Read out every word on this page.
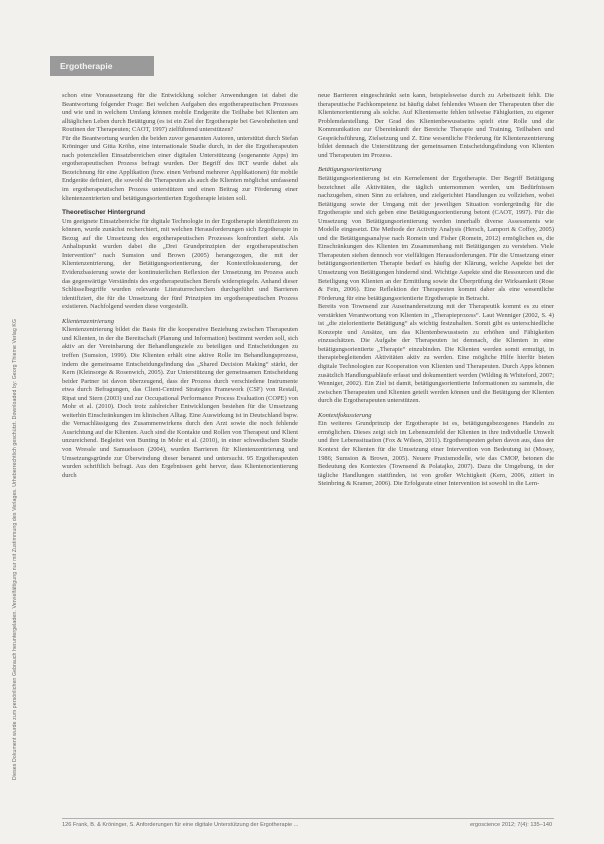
Ergotherapie
Dieses Dokument wurde zum persönlichen Gebrauch heruntergeladen. Vervielfältigung nur mit Zustimmung des Verlages. Urheberrechtlich geschützt. Downloaded by: Georg Thieme Verlag KG

schon eine Voraussetzung für die Entwicklung solcher Anwendungen ist dabei die Beantwortung folgender Frage: Bei welchen Aufgaben des ergotherapeutischen Prozesses und wie und in welchem Umfang können mobile Endgeräte die Teilhabe bei Klienten am alltäglichen Leben durch Betätigung (es ist ein Ziel der Ergotherapie bei Gewohnheiten und Routinen der Therapeuten; CAOT, 1997) zielführend unterstützen?

Für die Beantwortung wurden die beiden zuvor genannten Autoren, unterstützt durch Stefan Kröninger und Gitta Kröhn, eine internationale Studie durch, in der die Ergotherapeuten nach potenziellen Einsatzbereichen einer digitalen Unterstützung (sogenannte Apps) im ergotherapeutischen Prozess befragt wurden. Der Begriff des IKT wurde dabei als Bezeichnung für eine Applikation (bzw. einen Verbund mehrerer Applikationen) für mobile Endgeräte definiert, die sowohl die Therapeuten als auch die Klienten möglichst umfassend im ergotherapeutischen Prozess unterstützen und einen Beitrag zur Förderung einer klientenzentrierten und betätigungsorientierten Ergotherapie leisten soll.

Theoretischer Hintergrund

Um geeignete Einsatzbereiche für digitale Technologie in der Ergotherapie identifizieren zu können, wurde zunächst recherchiert, mit welchen Herausforderungen sich Ergotherapie in Bezug auf die Umsetzung des ergotherapeutischen Prozesses konfrontiert sieht. Als Anhaltspunkt wurden dabei die „Drei Grundprinzipien der ergotherapeutischen Intervention“ nach Sumsion und Brown (2005) herangezogen, die mit der Klientenzentrierung, der Betätigungsorientierung, der Kontextfokussierung, der Evidenzbasierung sowie der kontinuierlichen Reflexion der Umsetzung im Prozess auch das gegenwärtige Verständnis des ergotherapeutischen Berufs widerspiegeln. Anhand dieser Schlüsselbegriffe wurden relevante Literaturrecherchen durchgeführt und Barrieren identifiziert, die für die Umsetzung der fünf Prinzipien im ergotherapeutischen Prozess existieren. Nachfolgend werden diese vorgestellt.

Klientenzentrierung

Klientenzentrierung bildet die Basis für die kooperative Beziehung zwischen Therapeuten und Klienten, in der die Bereitschaft (Planung und Information) bestimmt werden soll, sich aktiv an der Vereinbarung der Behandlungsziele zu beteiligen und Entscheidungen zu treffen (Sumsion, 1999). Die Klienten erhält eine aktive Rolle im Behandlungsprozess, indem die gemeinsame Entscheidungsfindung das „Shared Decision Making“ stärkt, der Kern (Kleinsorge & Rosenwich, 2005). Zur Unterstützung der gemeinsamen Entscheidung beider Partner ist davon überzeugend, dass der Prozess durch verschiedene Instrumente etwa durch Befragungen, das Client-Centred Strategies Framework (CSF) von Restall, Ripat und Stern (2003) und zur Occupational Performance Process Evaluation (COPE) von Mohr et al. (2010). Doch trotz zahlreicher Entwicklungen bestehen für die Umsetzung weiterhin Einschränkungen im klinischen Alltag. Eine Auswirkung ist in Deutschland bspw. die Vernachlässigung des Zusammenwirkens durch den Arzt sowie die noch fehlende Ausrichtung auf die Klienten. Auch sind die Kontakte und Rollen von Therapeut und Klient unzureichend. Begleitet von Bunting in Mohr et al. (2010), in einer schwedischen Studie von Wressle und Samuelsson (2004), wurden Barrieren für Klientenzentrierung und Umsetzungsgründe zur Überwindung dieser benannt und untersucht. 95 Ergotherapeuten wurden schriftlich befragt. Aus den Ergebnissen geht hervor, dass Klientenorientierung durch

neue Barrieren eingeschränkt sein kann, beispielsweise durch zu Arbeitszeit fehlt. Die therapeutische Fachkompetenz ist häufig dabei fehlendes Wissen der Therapeuten über die Klientenorientierung als solche. Auf Klientenseite fehlen teilweise Fähigkeiten, zu eigener Problemdarstellung. Der Grad des Klientenbewusstseins spielt eine Rolle und die Kommunikation zur Übereinkunft der Bereiche Therapie und Training, Teilhaben und Gesprächsführung, Zielsetzung und Z. Eine wesentliche Förderung für Klientenzentrierung bildet demnach die Unterstützung der gemeinsamen Entscheidungsfindung von Klienten und Therapeuten im Prozess.

Betätigungsorientierung

Betätigungsorientierung ist ein Kernelement der Ergotherapie. Der Begriff Betätigung bezeichnet alle Aktivitäten, die täglich unternommen werden, um Bedürfnissen nachzugehen, einen Sinn zu erfahren, und zielgerichtet Handlungen zu vollziehen, wobei Betätigung sowie der Umgang mit der jeweiligen Situation vordergründig für die Ergotherapie und sich geben eine Betätigungsorientierung betont (CAOT, 1997). Für die Umsetzung von Betätigungsorientierung werden innerhalb diverse Assessments wie Modelle eingesetzt. Die Methode der Activity Analysis (Hersch, Lamport & Coffey, 2005) und die Betätigungsanalyse nach Romein und Fisher (Romein, 2012) ermöglichen es, die Einschränkungen des Klienten im Zusammenhang mit Betätigungen zu verstehen. Viele Therapeuten stehen dennoch vor vielfältigen Herausforderungen. Für die Umsetzung einer betätigungsorientierten Therapie bedarf es häufig der Klärung, welche Aspekte bei der Umsetzung von Betätigungen hindernd sind. Wichtige Aspekte sind die Ressourcen und die Beteiligung von Klienten an der Ermittlung sowie die Überprüfung der Wirksamkeit (Rose & Fein, 2006). Eine Reflektion der Therapeuten kommt daher als eine wesentliche Förderung für eine betätigungsorientierte Ergotherapie in Betracht.

Bereits von Townsend zur Auseinandersetzung mit der Therapeutik kommt es zu einer verstärkten Verantwortung von Klienten in „Therapieprozess“. Laut Wenniger (2002, S. 4) ist „die zielorientierte Betätigung“ als wichtig festzuhalten. Somit gibt es unterschiedliche Konzepte und Ansätze, um das Klientenbewusstsein zu erhöhen und Fähigkeiten einzuschätzen. Die Aufgabe der Therapeuten ist demnach, die Klienten in eine betätigungsorientierte „Therapie“ einzubinden. Die Klienten werden somit ermutigt, in therapiebegleitenden Aktivitäten aktiv zu werden. Eine mögliche Hilfe hierfür bieten digitale Technologien zur Kooperation von Klienten und Therapeuten. Durch Apps können zusätzlich Handlungsabläufe erfasst und dokumentiert werden (Wilding & Whiteford, 2007; Wenniger, 2002). Ein Ziel ist damit, betätigungsorientierte Informationen zu sammeln, die zwischen Therapeuten und Klienten geteilt werden können und die Betätigung der Klienten durch die Ergotherapeuten unterstützen.

Kontextfokussierung

Ein weiteres Grundprinzip der Ergotherapie ist es, betätigungsbezogenes Handeln zu ermöglichen. Dieses zeigt sich im Lebensumfeld der Klienten in ihre individuelle Umwelt und ihre Lebenssituation (Fox & Wilson, 2011). Ergotherapeuten gehen davon aus, dass der Kontext der Klienten für die Umsetzung einer Intervention von Bedeutung ist (Mosey, 1986; Sumsion & Brown, 2005). Neuere Praxismodelle, wie das CMOP, betonen die Bedeutung des Kontextes (Townsend & Polatajko, 2007). Dazu die Umgebung, in der tägliche Handlungen stattfinden, ist von großer Wichtigkeit (Kern, 2006, zitiert in Steinbring & Kramer, 2006). Die Erfolgsrate einer Intervention ist sowohl in die Lern-

126 Frank, B. & Kröninger, S. Anforderungen für eine digitale Unterstützung der Ergotherapie ...	ergoscience 2012; 7(4): 135–140
